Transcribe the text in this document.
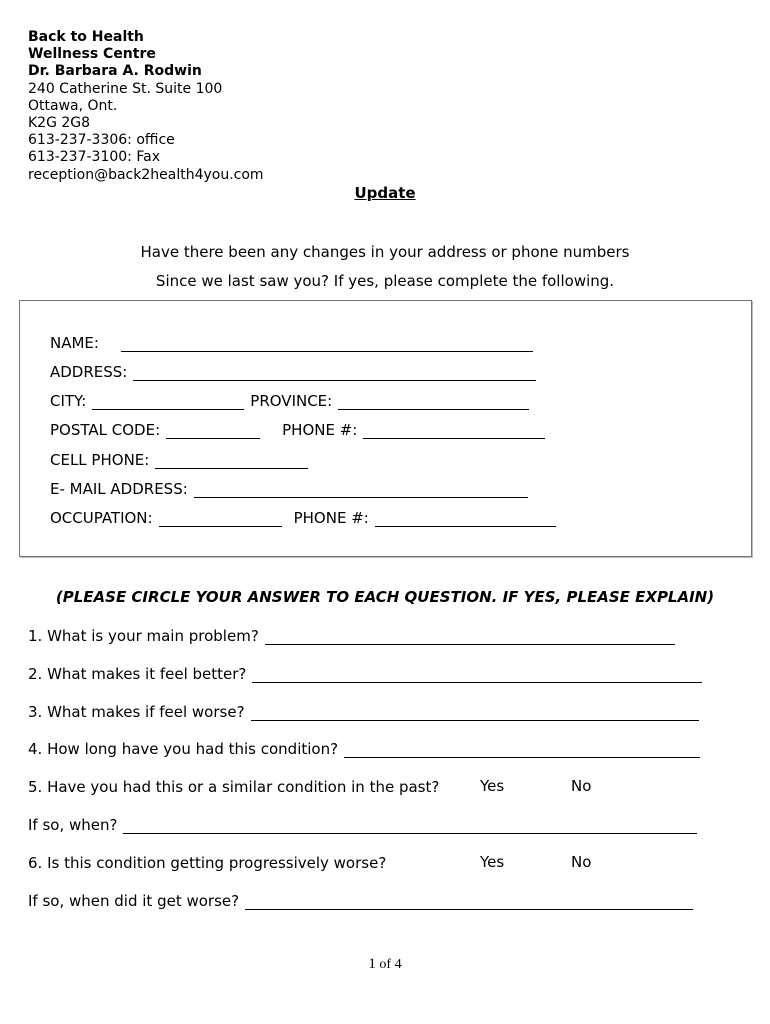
Back to Health
Wellness Centre
Dr. Barbara A. Rodwin
240 Catherine St. Suite 100
Ottawa, Ont.
K2G 2G8
613-237-3306: office
613-237-3100: Fax
reception@back2health4you.com
Update
Have there been any changes in your address or phone numbers
Since we last saw you? If yes, please complete the following.
NAME:
ADDRESS:
CITY:	PROVINCE:
POSTAL CODE:	PHONE #:
CELL PHONE:
E- MAIL ADDRESS:
OCCUPATION:	PHONE #:
(PLEASE CIRCLE YOUR ANSWER TO EACH QUESTION. IF YES, PLEASE EXPLAIN)
1. What is your main problem?
2. What makes it feel better?
3. What makes if feel worse?
4. How long have you had this condition?
5. Have you had this or a similar condition in the past?	Yes	No
If so, when?
6. Is this condition getting progressively worse?	Yes	No
If so, when did it get worse?
1 of 4
